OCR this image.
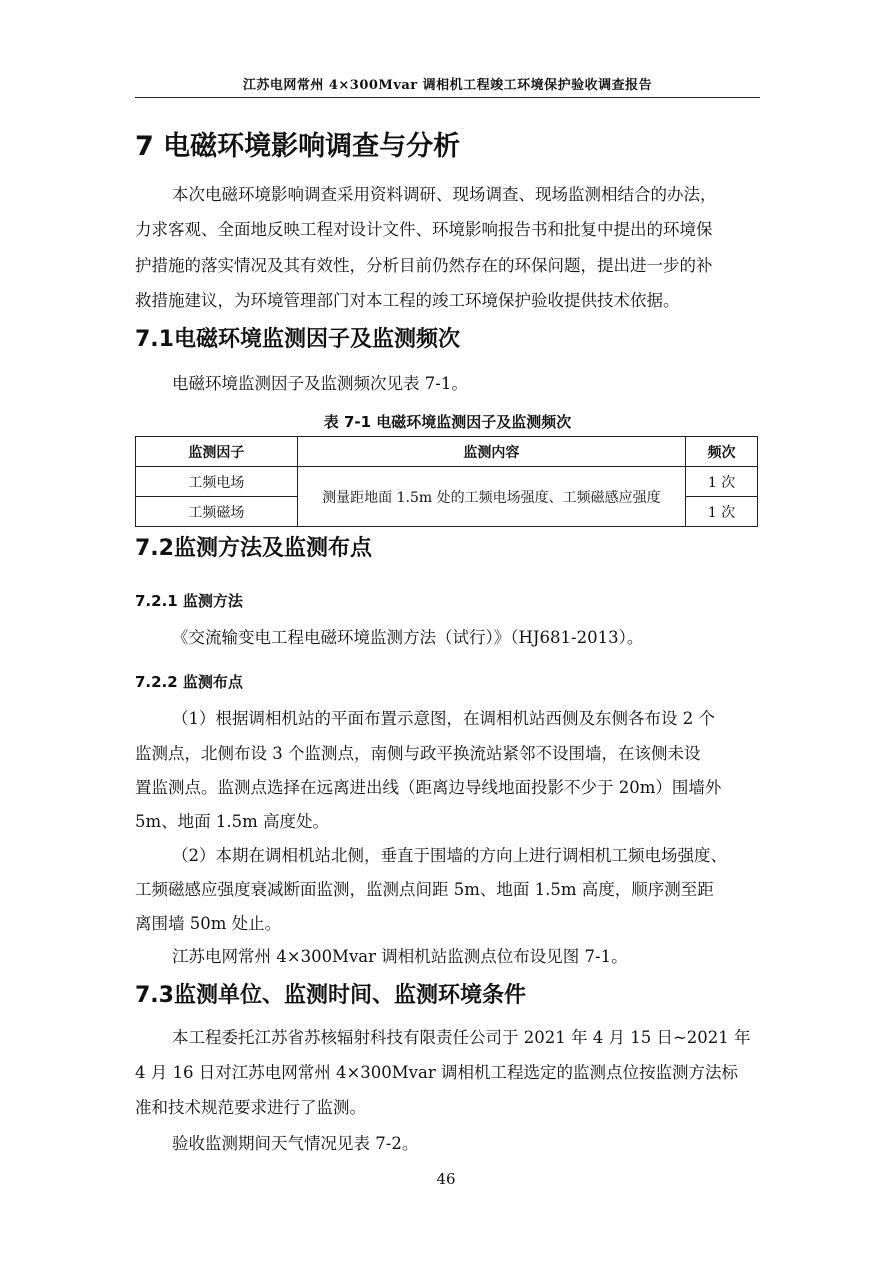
江苏电网常州 4×300Mvar 调相机工程竣工环境保护验收调查报告
7 电磁环境影响调查与分析
本次电磁环境影响调查采用资料调研、现场调查、现场监测相结合的办法，
力求客观、全面地反映工程对设计文件、环境影响报告书和批复中提出的环境保
护措施的落实情况及其有效性，分析目前仍然存在的环保问题，提出进一步的补
救措施建议，为环境管理部门对本工程的竣工环境保护验收提供技术依据。
7.1电磁环境监测因子及监测频次
电磁环境监测因子及监测频次见表 7-1。
表 7-1 电磁环境监测因子及监测频次
监测因子	监测内容	频次
工频电场	测量距地面 1.5m 处的工频电场强度、工频磁感应强度	1 次
工频磁场		1 次
7.2监测方法及监测布点
7.2.1 监测方法
《交流输变电工程电磁环境监测方法（试行）》（HJ681-2013）。
7.2.2 监测布点
（1）根据调相机站的平面布置示意图，在调相机站西侧及东侧各布设 2 个
监测点，北侧布设 3 个监测点，南侧与政平换流站紧邻不设围墙，在该侧未设
置监测点。监测点选择在远离进出线（距离边导线地面投影不少于 20m）围墙外
5m、地面 1.5m 高度处。
（2）本期在调相机站北侧，垂直于围墙的方向上进行调相机工频电场强度、
工频磁感应强度衰减断面监测，监测点间距 5m、地面 1.5m 高度，顺序测至距
离围墙 50m 处止。
江苏电网常州 4×300Mvar 调相机站监测点位布设见图 7-1。
7.3监测单位、监测时间、监测环境条件
本工程委托江苏省苏核辐射科技有限责任公司于 2021 年 4 月 15 日~2021 年
4 月 16 日对江苏电网常州 4×300Mvar 调相机工程选定的监测点位按监测方法标
准和技术规范要求进行了监测。
验收监测期间天气情况见表 7-2。
46
